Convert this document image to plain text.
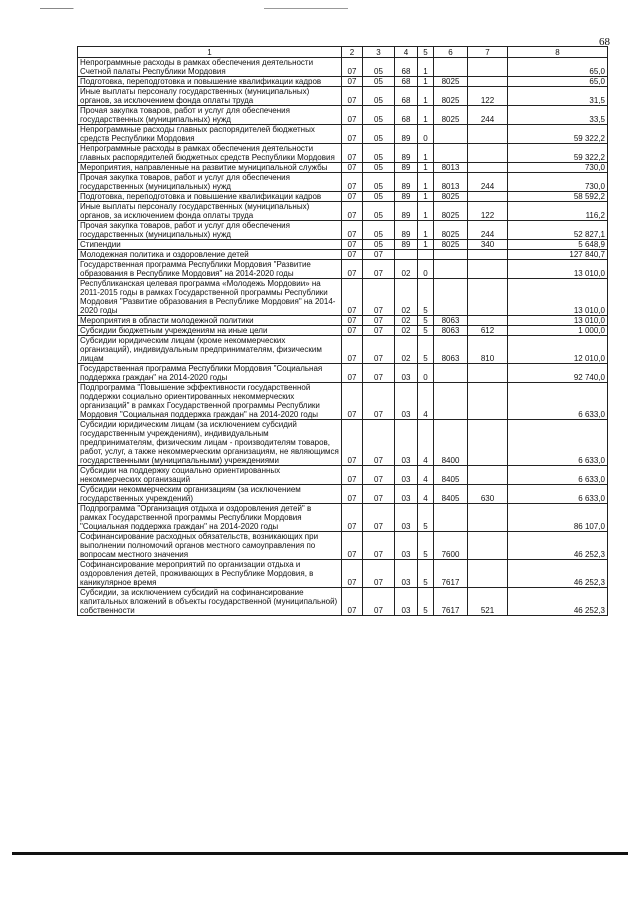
68
1	2	3	4	5	6	7	8
Непрограммные расходы в рамках обеспечения деятельности Счетной палаты Республики Мордовия	07	05	68	1			65,0
Подготовка, переподготовка и повышение квалификации кадров	07	05	68	1	8025		65,0
Иные выплаты персоналу государственных (муниципальных) органов, за исключением фонда оплаты труда	07	05	68	1	8025	122	31,5
Прочая закупка товаров, работ и услуг для обеспечения государственных (муниципальных) нужд	07	05	68	1	8025	244	33,5
Непрограммные расходы главных распорядителей бюджетных средств Республики Мордовия	07	05	89	0			59 322,2
Непрограммные расходы в рамках обеспечения деятельности главных распорядителей бюджетных средств Республики Мордовия	07	05	89	1			59 322,2
Мероприятия, направленные на развитие муниципальной службы	07	05	89	1	8013		730,0
Прочая закупка товаров, работ и услуг для обеспечения государственных (муниципальных) нужд	07	05	89	1	8013	244	730,0
Подготовка, переподготовка и повышение квалификации кадров	07	05	89	1	8025		58 592,2
Иные выплаты персоналу государственных (муниципальных) органов, за исключением фонда оплаты труда	07	05	89	1	8025	122	116,2
Прочая закупка товаров, работ и услуг для обеспечения государственных (муниципальных) нужд	07	05	89	1	8025	244	52 827,1
Стипендии	07	05	89	1	8025	340	5 648,9
Молодежная политика и оздоровление детей	07	07					127 840,7
Государственная программа Республики Мордовия "Развитие образования в Республике Мордовия" на 2014-2020 годы	07	07	02	0			13 010,0
Республиканская целевая программа «Молодежь Мордовии» на 2011-2015 годы в рамках Государственной программы Республики Мордовия "Развитие образования в Республике Мордовия" на 2014-2020 годы	07	07	02	5			13 010,0
Мероприятия в области молодежной политики	07	07	02	5	8063		13 010,0
Субсидии бюджетным учреждениям на иные цели	07	07	02	5	8063	612	1 000,0
Субсидии юридическим лицам (кроме некоммерческих организаций), индивидуальным предпринимателям, физическим лицам	07	07	02	5	8063	810	12 010,0
Государственная программа Республики Мордовия "Социальная поддержка граждан" на 2014-2020 годы	07	07	03	0			92 740,0
Подпрограмма "Повышение эффективности государственной поддержки социально ориентированных некоммерческих организаций" в рамках Государственной программы Республики Мордовия "Социальная поддержка граждан" на 2014-2020 годы	07	07	03	4			6 633,0
Субсидии юридическим лицам (за исключением субсидий государственным учреждениям), индивидуальным предпринимателям, физическим лицам - производителям товаров, работ, услуг, а также некоммерческим организациям, не являющимся государственными (муниципальными) учреждениями	07	07	03	4	8400		6 633,0
Субсидии на поддержку социально ориентированных некоммерческих организаций	07	07	03	4	8405		6 633,0
Субсидии некоммерческим организациям (за исключением государственных учреждений)	07	07	03	4	8405	630	6 633,0
Подпрограмма "Организация отдыха и оздоровления детей" в рамках Государственной программы Республики Мордовия "Социальная поддержка граждан" на 2014-2020 годы	07	07	03	5			86 107,0
Софинансирование расходных обязательств, возникающих при выполнении полномочий органов местного самоуправления по вопросам местного значения	07	07	03	5	7600		46 252,3
Софинансирование мероприятий по организации отдыха и оздоровления детей, проживающих в Республике Мордовия, в каникулярное время	07	07	03	5	7617		46 252,3
Субсидии, за исключением субсидий на софинансирование капитальных вложений в объекты государственной (муниципальной) собственности	07	07	03	5	7617	521	46 252,3
